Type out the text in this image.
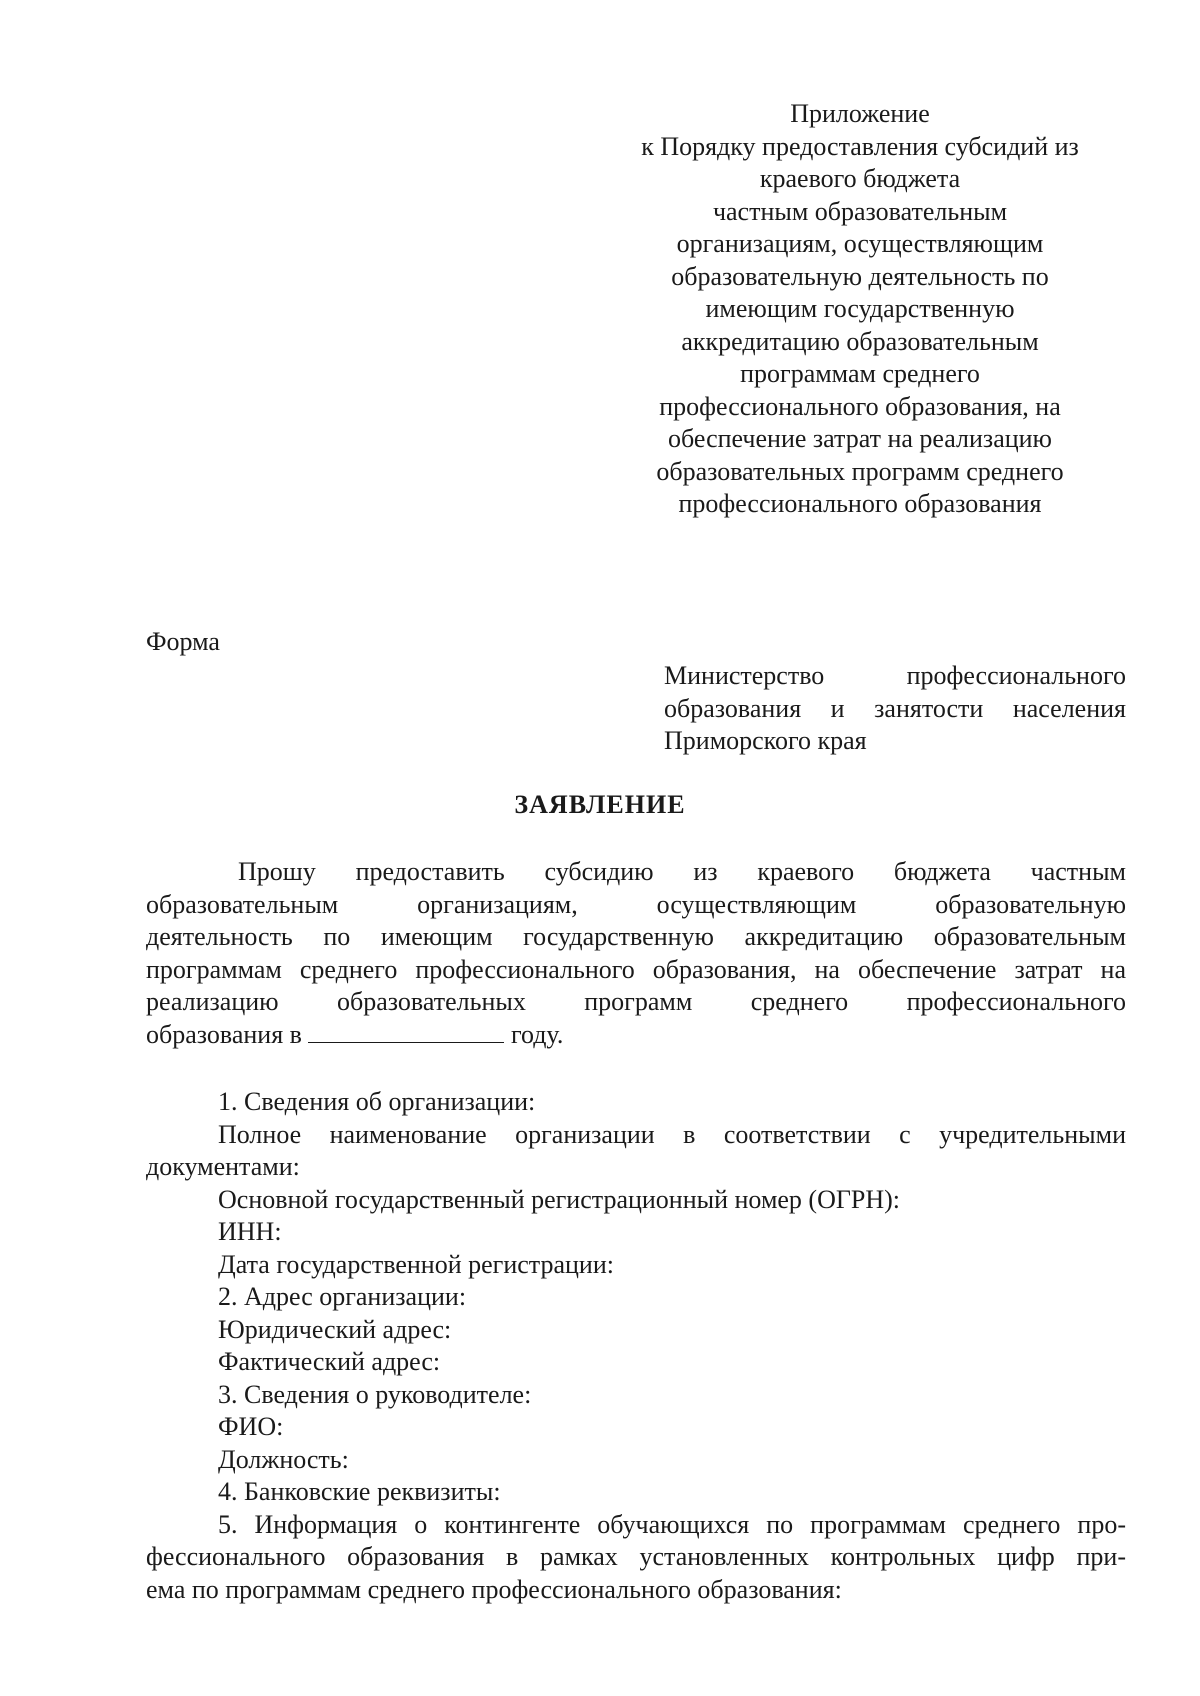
Приложение
к Порядку предоставления субсидий из
краевого бюджета
частным образовательным
организациям, осуществляющим
образовательную деятельность по
имеющим государственную
аккредитацию образовательным
программам среднего
профессионального образования, на
обеспечение затрат на реализацию
образовательных программ среднего
профессионального образования
Форма
Министерство профессионального
образования и занятости населения
Приморского края
ЗАЯВЛЕНИЕ
Прошу предоставить субсидию из краевого бюджета частным
образовательным организациям, осуществляющим образовательную
деятельность по имеющим государственную аккредитацию образовательным
программам среднего профессионального образования, на обеспечение затрат на
реализацию образовательных программ среднего профессионального
образования в	году.
1. Сведения об организации:
Полное наименование организации в соответствии с учредительными
документами:
Основной государственный регистрационный номер (ОГРН):
ИНН:
Дата государственной регистрации:
2. Адрес организации:
Юридический адрес:
Фактический адрес:
3. Сведения о руководителе:
ФИО:
Должность:
4. Банковские реквизиты:
5. Информация о контингенте обучающихся по программам среднего про-
фессионального образования в рамках установленных контрольных цифр при-
ема по программам среднего профессионального образования:
